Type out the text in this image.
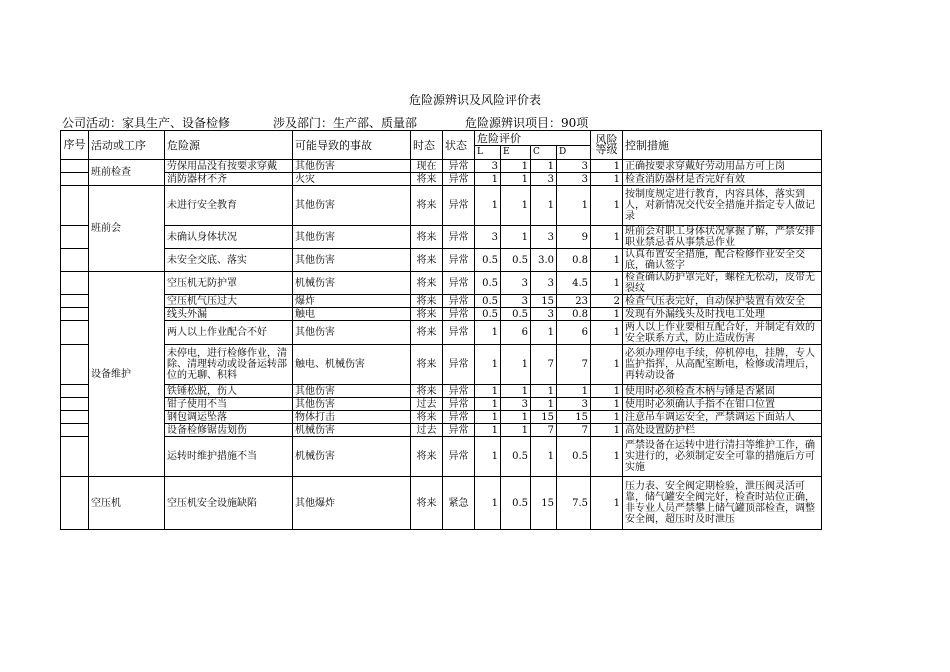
危险源辨识及风险评价表
公司活动：家具生产、设备检修	涉及部门：生产部、质量部	危险源辨识项目：90项
序号	活动或工序	危险源	可能导致的事故	时态	状态	危险评价				风险等级	控制措施
						L	E	C	D		
	班前检查	劳保用品没有按要求穿戴	其他伤害	现在	异常	3	1	1	3	1	正确按要求穿戴好劳动用品方可上岗
		消防器材不齐	火灾	将来	异常	1	1	3	3	1	检查消防器材是否完好有效
	班前会	未进行安全教育	其他伤害	将来	异常	1	1	1	1	1	按制度规定进行教育，内容具体，落实到人，对新情况交代安全措施并指定专人做记录
		未确认身体状况	其他伤害	将来	异常	3	1	3	9	1	班前会对职工身体状况掌握了解，严禁安排职业禁忌者从事禁忌作业
		未安全交底、落实	其他伤害	将来	异常	0.5	0.5	3.0	0.8	1	认真布置安全措施，配合检修作业安全交底，确认签字
	设备维护	空压机无防护罩	机械伤害	将来	异常	0.5	3	3	4.5	1	检查确认防护罩完好，螺栓无松动，皮带无裂纹
		空压机气压过大	爆炸	将来	异常	0.5	3	15	23	2	检查气压表完好，自动保护装置有效安全
		线头外漏	触电	将来	异常	0.5	0.5	3	0.8	1	发现有外漏线头及时找电工处理
		两人以上作业配合不好	其他伤害	将来	异常	1	6	1	6	1	两人以上作业要相互配合好，并制定有效的安全联系方式，防止造成伤害
		未停电，进行检修作业，清除、清理转动或设备运转部位的无聊、积料	触电、机械伤害	将来	异常	1	1	7	7	1	必须办理停电手续，停机停电，挂牌，专人监护指挥，从高配室断电，检修或清理后，再转动设备
		铁锤松脱，伤人	其他伤害	将来	异常	1	1	1	1	1	使用时必须检查木柄与锤是否紧固
		钳子使用不当	其他伤害	过去	异常	1	3	1	3	1	使用时必须确认手指不在钳口位置
		钢包调运坠落	物体打击	将来	异常	1	1	15	15	1	注意吊车调运安全，严禁调运下面站人
		设备检修锯齿划伤	机械伤害	过去	异常	1	1	7	7	1	高处设置防护栏
		运转时维护措施不当	机械伤害	将来	异常	1	0.5	1	0.5	1	严禁设备在运转中进行清扫等维护工作，确实进行的，必须制定安全可靠的措施后方可实施
	空压机	空压机安全设施缺陷	其他爆炸	将来	紧急	1	0.5	15	7.5	1	压力表、安全阀定期检验，泄压阀灵活可靠，储气罐安全阀完好，检查时站位正确，非专业人员严禁攀上储气罐顶部检查，调整安全阀，超压时及时泄压
